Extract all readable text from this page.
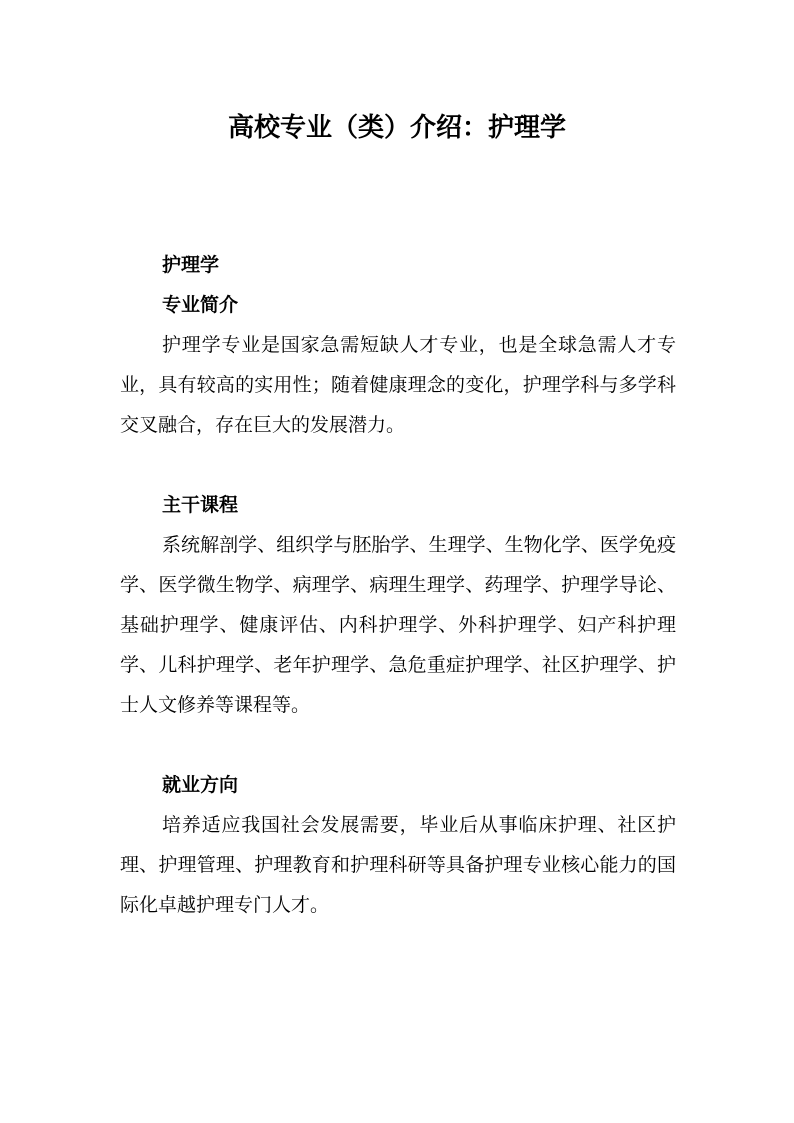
高校专业（类）介绍：护理学

护理学

专业简介

护理学专业是国家急需短缺人才专业，也是全球急需人才专业，具有较高的实用性；随着健康理念的变化，护理学科与多学科交叉融合，存在巨大的发展潜力。

主干课程

系统解剖学、组织学与胚胎学、生理学、生物化学、医学免疫学、医学微生物学、病理学、病理生理学、药理学、护理学导论、基础护理学、健康评估、内科护理学、外科护理学、妇产科护理学、儿科护理学、老年护理学、急危重症护理学、社区护理学、护士人文修养等课程等。

就业方向

培养适应我国社会发展需要，毕业后从事临床护理、社区护理、护理管理、护理教育和护理科研等具备护理专业核心能力的国际化卓越护理专门人才。
